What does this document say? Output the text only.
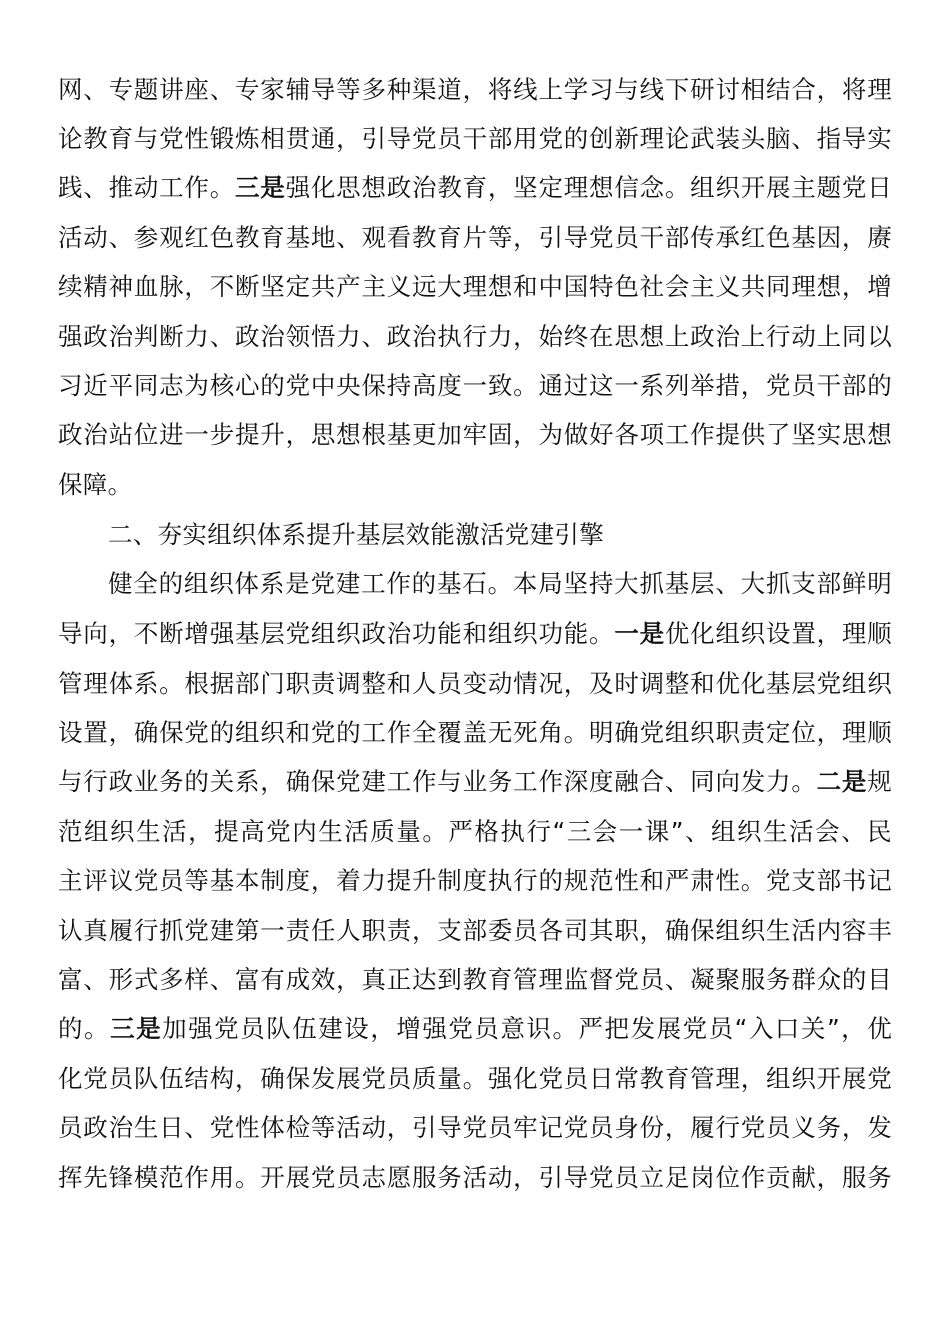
网、专题讲座、专家辅导等多种渠道，将线上学习与线下研讨相结合，将理
论教育与党性锻炼相贯通，引导党员干部用党的创新理论武装头脑、指导实
践、推动工作。三是强化思想政治教育，坚定理想信念。组织开展主题党日
活动、参观红色教育基地、观看教育片等，引导党员干部传承红色基因，赓
续精神血脉，不断坚定共产主义远大理想和中国特色社会主义共同理想，增
强政治判断力、政治领悟力、政治执行力，始终在思想上政治上行动上同以
习近平同志为核心的党中央保持高度一致。通过这一系列举措，党员干部的
政治站位进一步提升，思想根基更加牢固，为做好各项工作提供了坚实思想
保障。
二、夯实组织体系提升基层效能激活党建引擎
健全的组织体系是党建工作的基石。本局坚持大抓基层、大抓支部鲜明
导向，不断增强基层党组织政治功能和组织功能。一是优化组织设置，理顺
管理体系。根据部门职责调整和人员变动情况，及时调整和优化基层党组织
设置，确保党的组织和党的工作全覆盖无死角。明确党组织职责定位，理顺
与行政业务的关系，确保党建工作与业务工作深度融合、同向发力。二是规
范组织生活，提高党内生活质量。严格执行“三会一课”、组织生活会、民
主评议党员等基本制度，着力提升制度执行的规范性和严肃性。党支部书记
认真履行抓党建第一责任人职责，支部委员各司其职，确保组织生活内容丰
富、形式多样、富有成效，真正达到教育管理监督党员、凝聚服务群众的目
的。三是加强党员队伍建设，增强党员意识。严把发展党员“入口关”，优
化党员队伍结构，确保发展党员质量。强化党员日常教育管理，组织开展党
员政治生日、党性体检等活动，引导党员牢记党员身份，履行党员义务，发
挥先锋模范作用。开展党员志愿服务活动，引导党员立足岗位作贡献，服务
